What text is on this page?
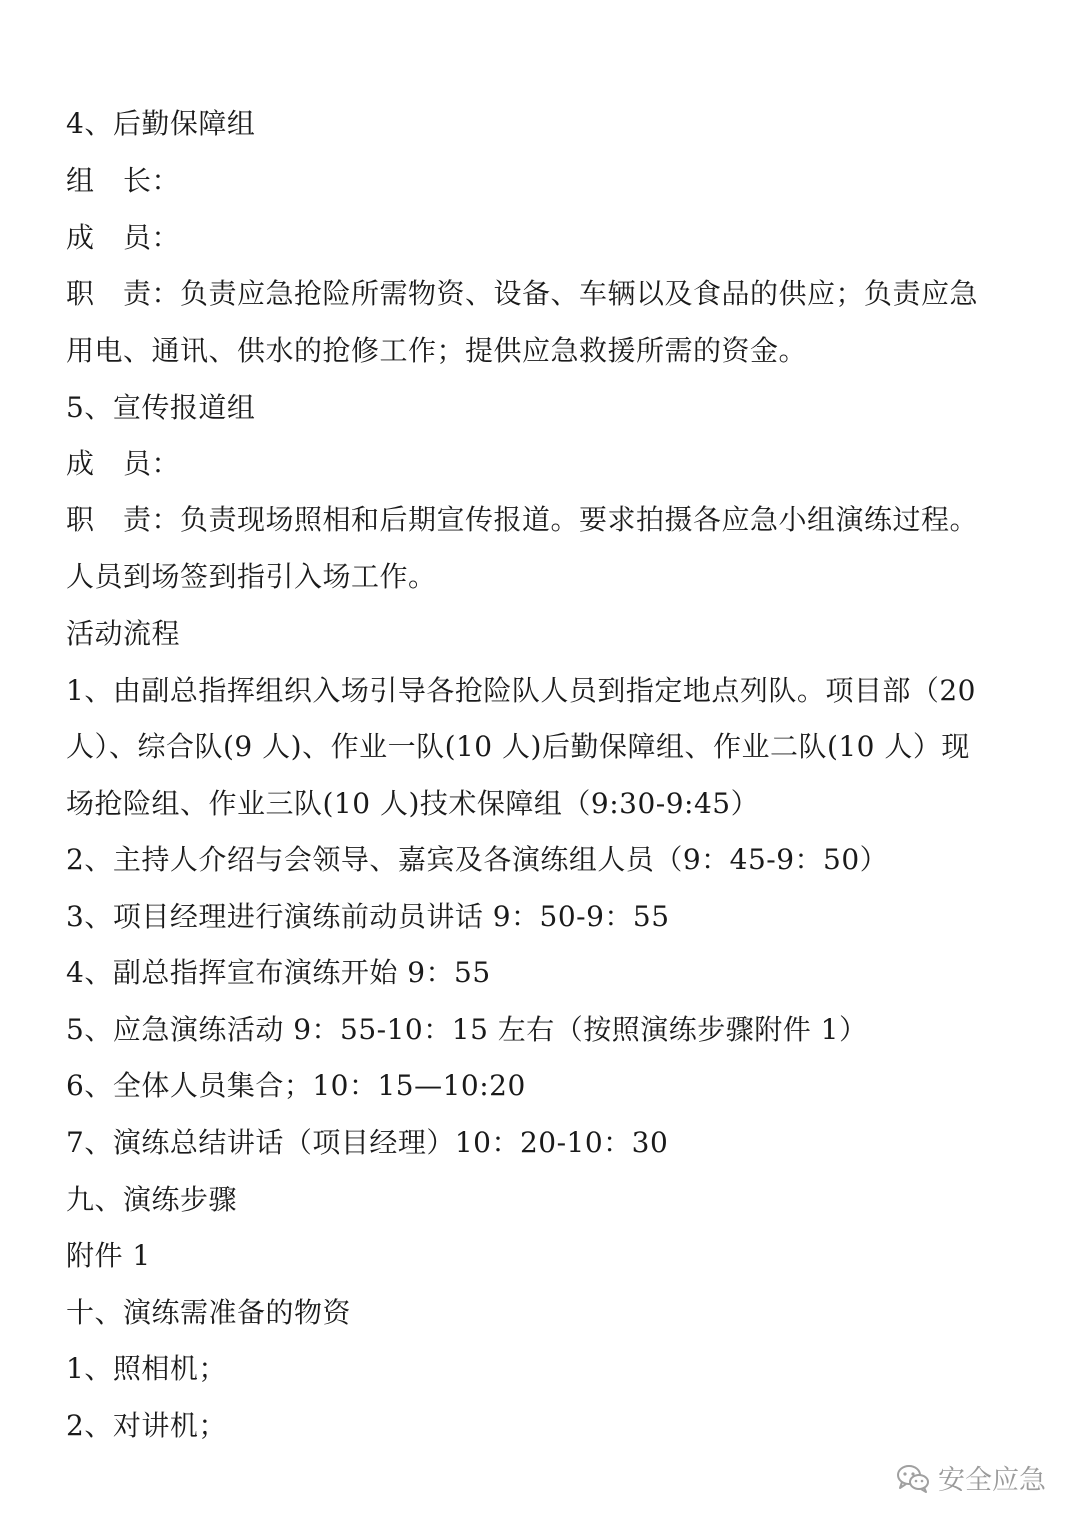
4、后勤保障组
组　长：
成　员：
职　责：负责应急抢险所需物资、设备、车辆以及食品的供应；负责应急
用电、通讯、供水的抢修工作；提供应急救援所需的资金。
5、宣传报道组
成　员：
职　责：负责现场照相和后期宣传报道。要求拍摄各应急小组演练过程。
人员到场签到指引入场工作。
活动流程
1、由副总指挥组织入场引导各抢险队人员到指定地点列队。项目部（20
人）、综合队(9 人)、作业一队(10 人)后勤保障组、作业二队(10 人）现
场抢险组、作业三队(10 人)技术保障组（9:30-9:45）
2、主持人介绍与会领导、嘉宾及各演练组人员（9：45-9：50）
3、项目经理进行演练前动员讲话 9：50-9：55
4、副总指挥宣布演练开始 9：55
5、应急演练活动 9：55-10：15 左右（按照演练步骤附件 1）
6、全体人员集合；10：15—10:20
7、演练总结讲话（项目经理）10：20-10：30
九、演练步骤
附件 1
十、演练需准备的物资
1、照相机；
2、对讲机；
安全应急
